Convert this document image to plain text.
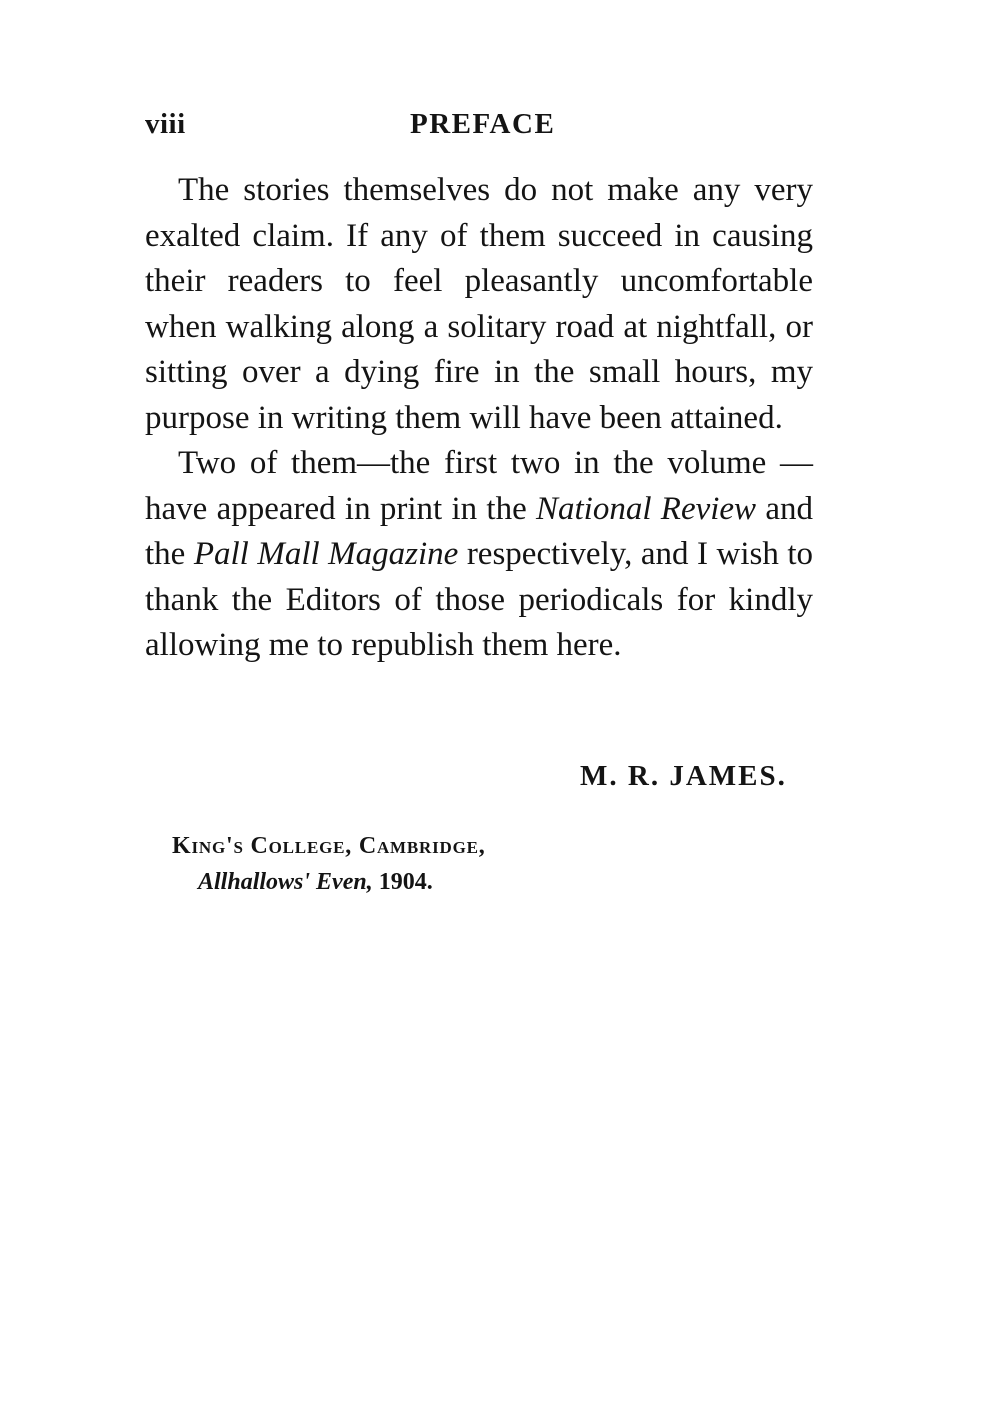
viii	PREFACE

The stories themselves do not make any very exalted claim. If any of them succeed in causing their readers to feel pleasantly uncomfortable when walking along a solitary road at nightfall, or sitting over a dying fire in the small hours, my purpose in writing them will have been attained.

Two of them—the first two in the volume —have appeared in print in the National Review and the Pall Mall Magazine respectively, and I wish to thank the Editors of those periodicals for kindly allowing me to republish them here.

M. R. JAMES.
King's College, Cambridge,
Allhallows' Even, 1904.
